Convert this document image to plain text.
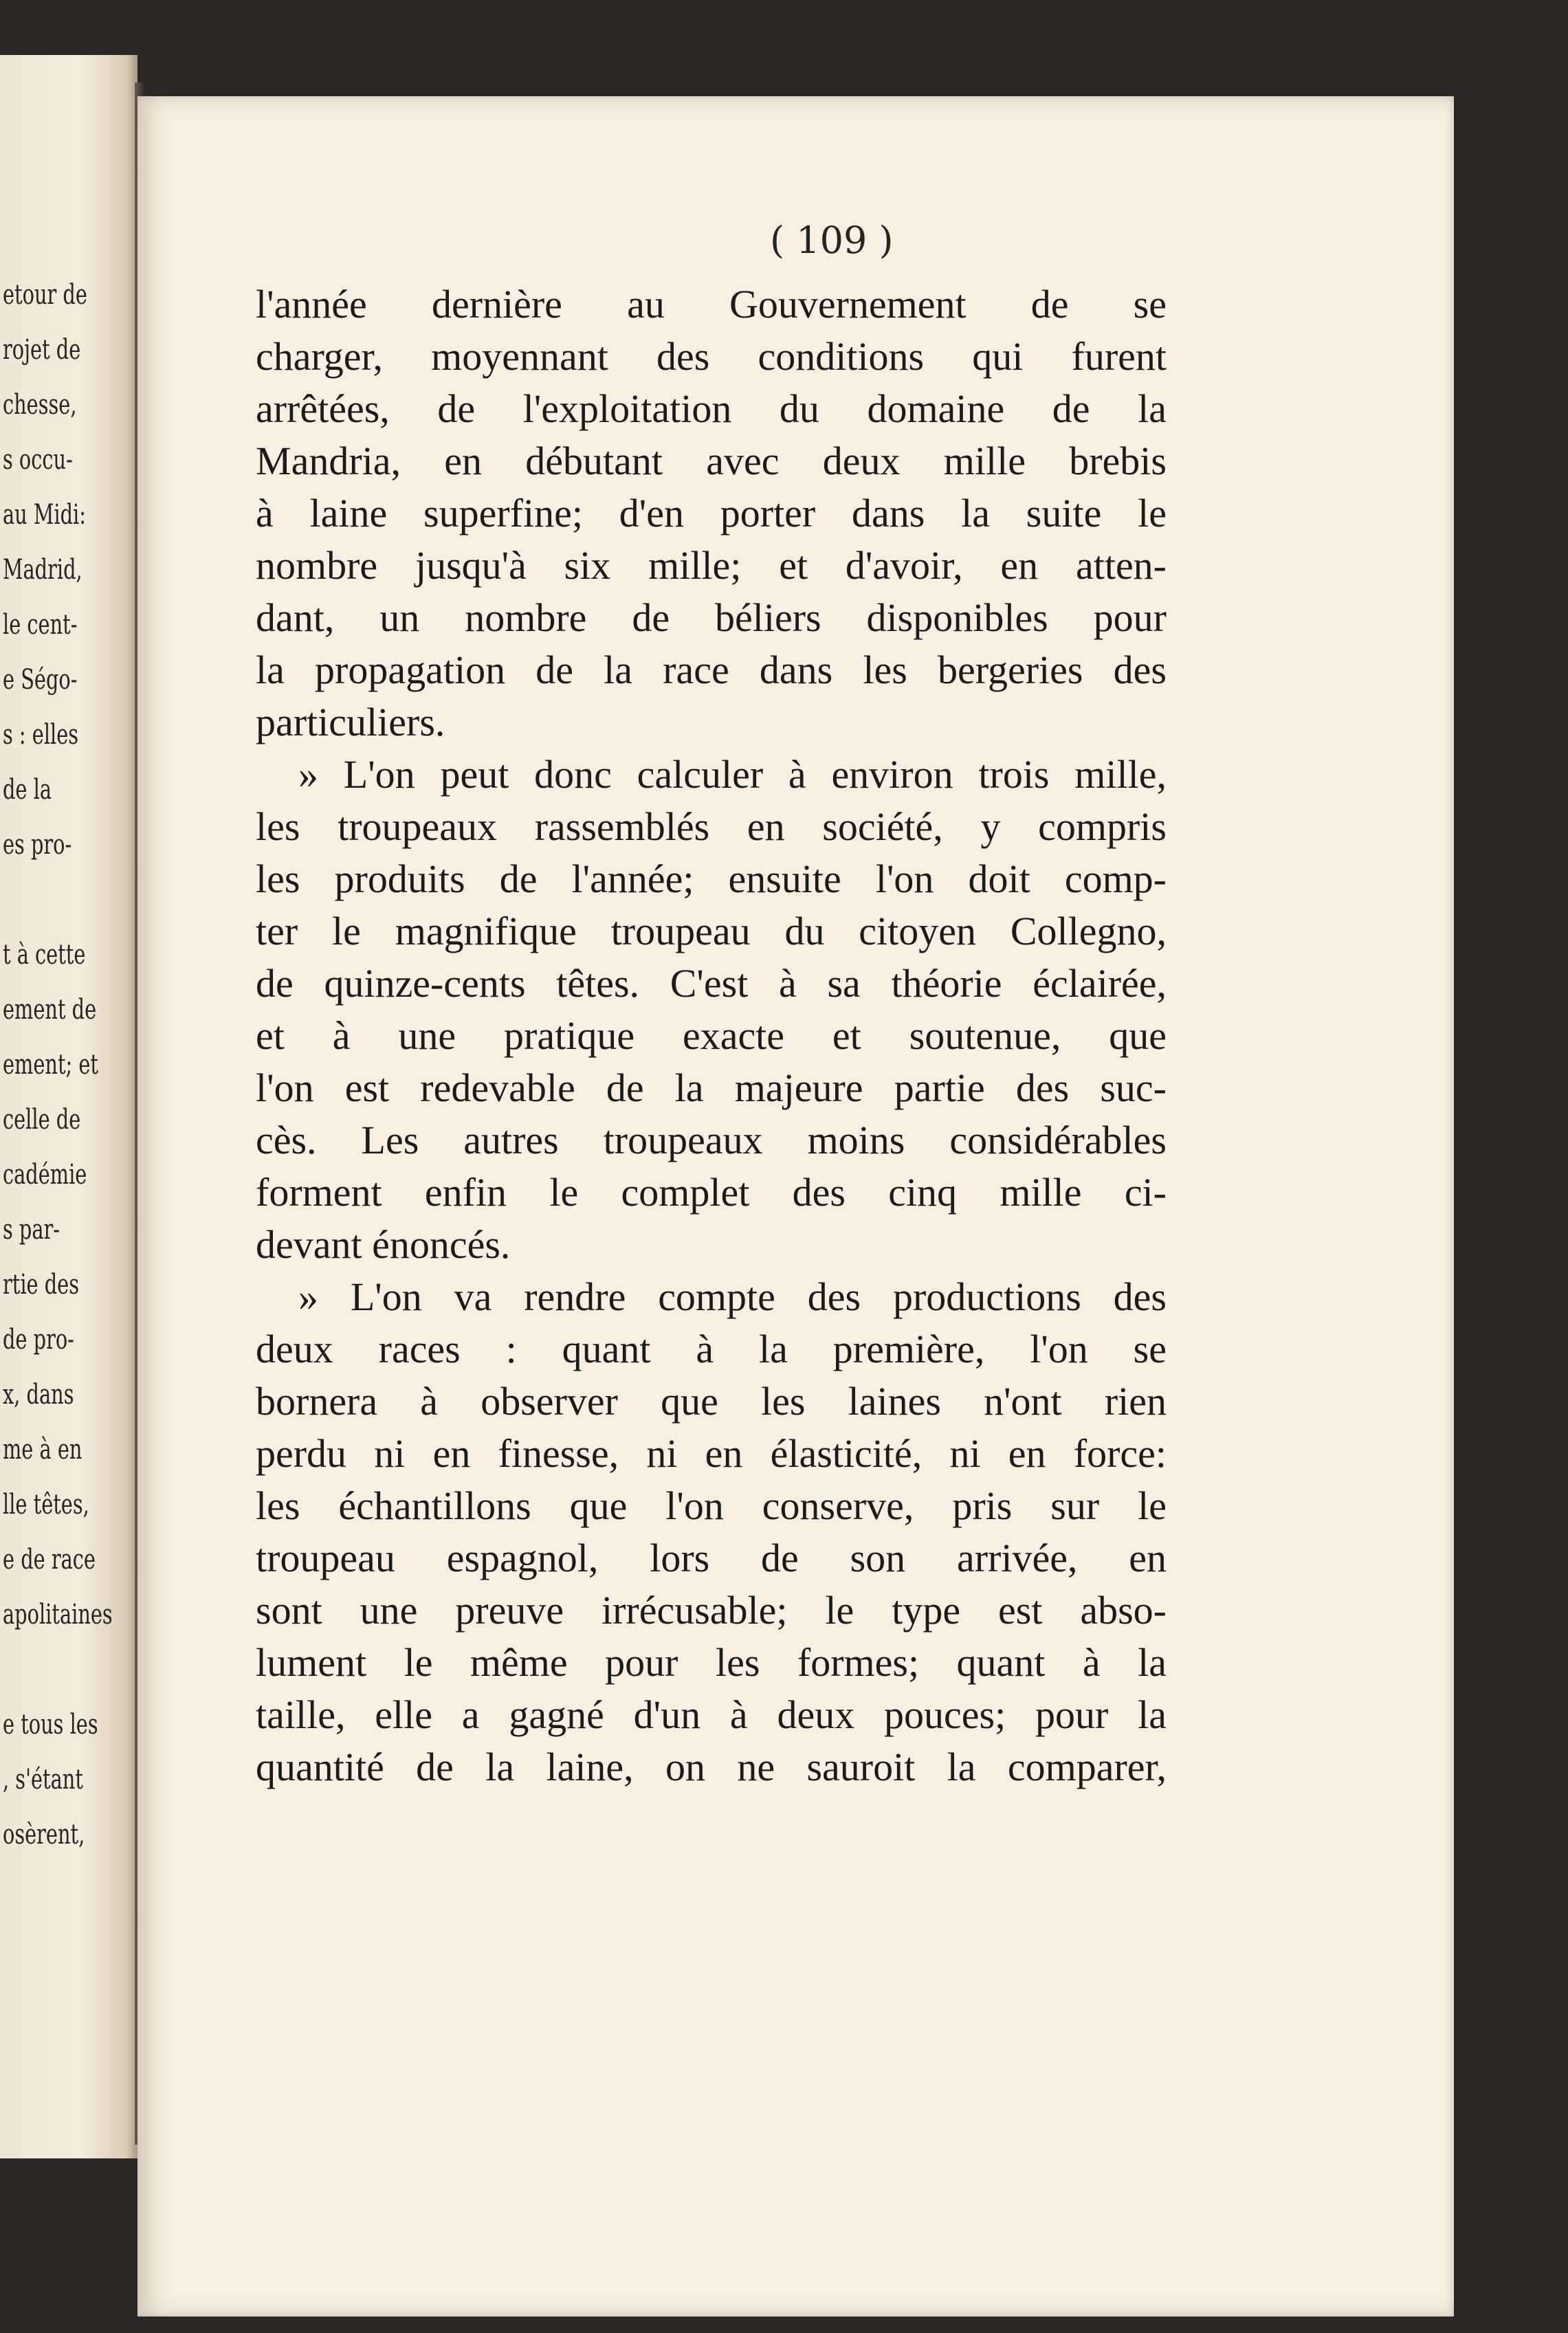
etour de
rojet de
chesse,
s occu-
au Midi:
Madrid,
le cent-
e Ségo-
s : elles
de la
es pro-
t à cette
ement de
ement; et
celle de
cadémie
s par-
rtie des
de pro-
x, dans
me à en
lle têtes,
e de race
apolitaines
e tous les
, s'étant
osèrent,
( 109 )
l'année dernière au Gouvernement de se
charger, moyennant des conditions qui furent
arrêtées, de l'exploitation du domaine de la
Mandria, en débutant avec deux mille brebis
à laine superfine; d'en porter dans la suite le
nombre jusqu'à six mille; et d'avoir, en atten-
dant, un nombre de béliers disponibles pour
la propagation de la race dans les bergeries des
particuliers.
» L'on peut donc calculer à environ trois mille,
les troupeaux rassemblés en société, y compris
les produits de l'année; ensuite l'on doit comp-
ter le magnifique troupeau du citoyen Collegno,
de quinze-cents têtes. C'est à sa théorie éclairée,
et à une pratique exacte et soutenue, que
l'on est redevable de la majeure partie des suc-
cès. Les autres troupeaux moins considérables
forment enfin le complet des cinq mille ci-
devant énoncés.
» L'on va rendre compte des productions des
deux races : quant à la première, l'on se
bornera à observer que les laines n'ont rien
perdu ni en finesse, ni en élasticité, ni en force:
les échantillons que l'on conserve, pris sur le
troupeau espagnol, lors de son arrivée, en
sont une preuve irrécusable; le type est abso-
lument le même pour les formes; quant à la
taille, elle a gagné d'un à deux pouces; pour la
quantité de la laine, on ne sauroit la comparer,
